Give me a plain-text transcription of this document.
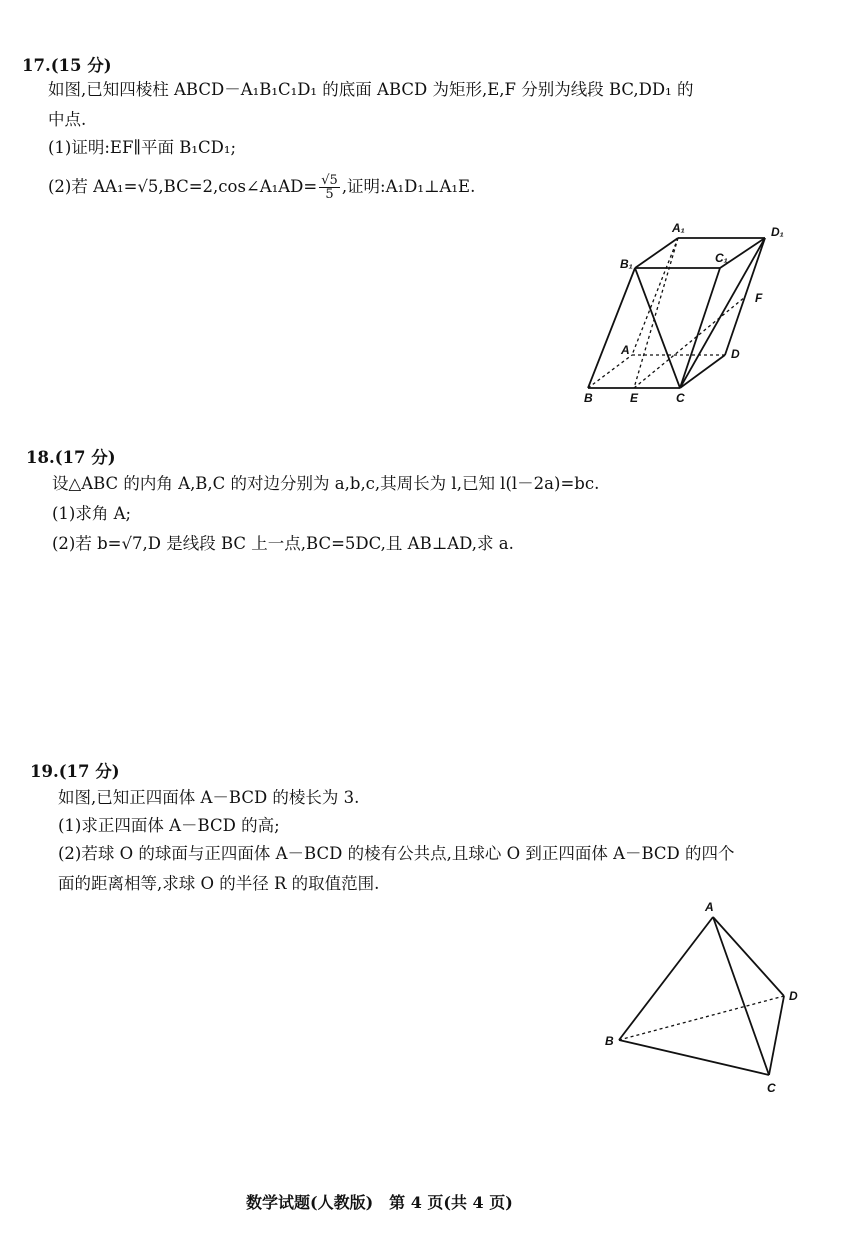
17.(15 分)
如图,已知四棱柱 ABCD－A₁B₁C₁D₁ 的底面 ABCD 为矩形,E,F 分别为线段 BC,DD₁ 的
中点.
(1)证明:EF∥平面 B₁CD₁;
(2)若 AA₁=√5,BC=2,cos∠A₁AD= $\frac{√5}{5}$ ,证明:A₁D₁⊥A₁E.
A₁	D₁
B₁	C₁
F
A	D
B	E	C
18.(17 分)
设△ABC 的内角 A,B,C 的对边分别为 a,b,c,其周长为 l,已知 l(l－2a)=bc.
(1)求角 A;
(2)若 b=√7,D 是线段 BC 上一点,BC=5DC,且 AB⊥AD,求 a.
19.(17 分)
如图,已知正四面体 A－BCD 的棱长为 3.
(1)求正四面体 A－BCD 的高;
(2)若球 O 的球面与正四面体 A－BCD 的棱有公共点,且球心 O 到正四面体 A－BCD 的四个
面的距离相等,求球 O 的半径 R 的取值范围.
A
D
B
C
数学试题(人教版)　第 4 页(共 4 页)
